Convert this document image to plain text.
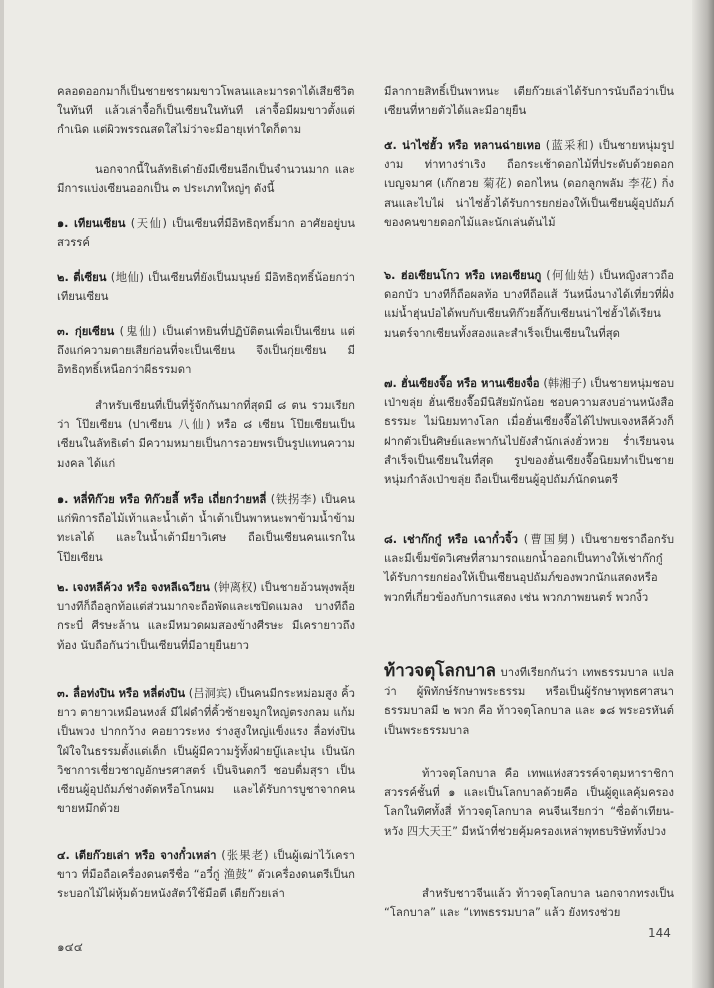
คลอดออกมาก็เป็นชายชราผมขาวโพลนและมารดาได้เสียชีวิตในทันที แล้วเล่าจื้อก็เป็นเซียนในทันที เล่าจื้อมีผมขาวตั้งแต่กำเนิด แต่ผิวพรรณสดใสไม่ว่าจะมีอายุเท่าใดก็ตาม

นอกจากนี้ในลัทธิเต๋ายังมีเซียนอีกเป็นจำนวนมาก และมีการแบ่งเซียนออกเป็น ๓ ประเภทใหญ่ๆ ดังนี้

๑. เทียนเซียน (天仙) เป็นเซียนที่มีอิทธิฤทธิ์มาก อาศัยอยู่บนสวรรค์

๒. ตี่เซียน (地仙) เป็นเซียนที่ยังเป็นมนุษย์ มีอิทธิฤทธิ์น้อยกว่าเทียนเซียน

๓. กุ่ยเซียน (鬼仙) เป็นเต๋าหยินที่ปฏิบัติตนเพื่อเป็นเซียน แต่ถึงแก่ความตายเสียก่อนที่จะเป็นเซียน จึงเป็นกุ่ยเซียน มีอิทธิฤทธิ์เหนือกว่าผีธรรมดา

สำหรับเซียนที่เป็นที่รู้จักกันมากที่สุดมี ๘ ตน รวมเรียกว่า โป๊ยเซียน (ปาเซียน 八仙) หรือ ๘ เซียน โป๊ยเซียนเป็นเซียนในลัทธิเต๋า มีความหมายเป็นการอวยพรเป็นรูปแทนความมงคล ได้แก่

๑. หลี่ทิก๊วย หรือ ทิก๊วยลี้ หรือ เถี่ยกว๋ายหลี่ (铁拐李) เป็นคนแก่พิการถือไม้เท้าและน้ำเต้า น้ำเต้าเป็นพาหนะพาข้ามน้ำข้ามทะเลได้ และในน้ำเต้ามียาวิเศษ ถือเป็นเซียนคนแรกในโป๊ยเซียน

๒. เจงหลีค้วง หรือ จงหลีเฉวียน (钟离权) เป็นชายอ้วนพุงพลุ้ย บางทีก็ถือลูกท้อแต่ส่วนมากจะถือพัดและเซปิดแมลง บางทีถือกระบี่ ศีรษะล้าน และมีหมวดผมสองข้างศีรษะ มีเครายาวถึงท้อง นับถือกันว่าเป็นเซียนที่มีอายุยืนยาว

๓. ลื่อท่งปิน หรือ หลี่ต่งปิน (吕洞宾) เป็นคนมีกระหม่อมสูง คิ้วยาว ตายาวเหมือนหงส์ มีไฝดำที่คิ้วซ้ายจมูกใหญ่ตรงกลม แก้มเป็นพวง ปากกว้าง คอยาวระหง ร่างสูงใหญ่แข็งแรง ลื่อท่งปินใฝ่ใจในธรรมตั้งแต่เด็ก เป็นผู้มีความรู้ทั้งฝ่ายบู๊และบุ๋น เป็นนักวิชาการเชี่ยวชาญอักษรศาสตร์ เป็นจินตกวี ชอบดื่มสุรา เป็นเซียนผู้อุปถัมภ์ช่างตัดหรือโกนผม และได้รับการบูชาจากคนขายหมึกด้วย

๔. เตียก๊วยเล่า หรือ จางกั๋วเหล่า (张果老) เป็นผู้เฒ่าไว้เคราขาว ที่มือถือเครื่องดนตรีชื่อ “อวี๋กู่ 渔鼓” ตัวเครื่องดนตรีเป็นกระบอกไม้ไผ่หุ้มด้วยหนังสัตว์ใช้มือตี เตียก๊วยเล่า

มีลากายสิทธิ์เป็นพาหนะ เตียก๊วยเล่าได้รับการนับถือว่าเป็นเซียนที่หายตัวได้และมีอายุยืน

๕. น่าไซ่ฮั้ว หรือ หลานฉ่ายเหอ (蓝采和) เป็นชายหนุ่มรูปงาม ท่าทางร่าเริง ถือกระเช้าดอกไม้ที่ประดับด้วยดอกเบญจมาศ (เก๊กฮวย 菊花) ดอกไหน (ดอกลูกพลัม 李花) กิ่งสนและไบไผ่ น่าไซ่ฮั้วได้รับการยกย่องให้เป็นเซียนผู้อุปถัมภ์ของคนขายดอกไม้และนักเล่นต้นไม้

๖. ฮ่อเซียนโกว หรือ เหอเซียนกู (何仙姑) เป็นหญิงสาวถือดอกบัว บางทีก็ถือผลท้อ บางทีถือแส้ วันหนึ่งนางได้เที่ยวที่ฝั่งแม่น้ำฮุ่นบ๋อได้พบกับเซียนทิก๊วยลี้กับเซียนน่าไซ่ฮั้วได้เรียนมนตร์จากเซียนทั้งสองและสำเร็จเป็นเซียนในที่สุด

๗. ฮั่นเซียงจื๊อ หรือ หานเซียงจื่อ (韩湘子) เป็นชายหนุ่มชอบเป่าขลุ่ย ฮั่นเซียงจื๊อมีนิสัยมักน้อย ชอบความสงบอ่านหนังสือธรรมะ ไม่นิยมทางโลก เมื่อฮั่นเซียงจื๊อได้ไปพบเจงหลีค้วงก็ฝากตัวเป็นศิษย์และพากันไปยังสำนักเล่งฮั่วหวย ร่ำเรียนจนสำเร็จเป็นเซียนในที่สุด รูปของฮั่นเซียงจื๊อนิยมทำเป็นชายหนุ่มกำลังเป่าขลุ่ย ถือเป็นเซียนผู้อุปถัมภ์นักดนตรี

๘. เช่าก๊กกู๋ หรือ เฉากั๋วจิ้ว (曹国舅) เป็นชายชราถือกรับและมีเข็มขัดวิเศษที่สามารถแยกน้ำออกเป็นทางให้เช่าก๊กกู๋ได้รับการยกย่องให้เป็นเซียนอุปถัมภ์ของพวกนักแสดงหรือพวกที่เกี่ยวข้องกับการแสดง เช่น พวกภาพยนตร์ พวกงิ้ว

ท้าวจตุโลกบาล บางทีเรียกกันว่า เทพธรรมบาล แปลว่า ผู้พิทักษ์รักษาพระธรรม หรือเป็นผู้รักษาพุทธศาสนา ธรรมบาลมี ๒ พวก คือ ท้าวจตุโลกบาล และ ๑๘ พระอรหันต์เป็นพระธรรมบาล

ท้าวจตุโลกบาล คือ เทพแห่งสวรรค์จาตุมหาราชิกา สวรรค์ชั้นที่ ๑ และเป็นโลกบาลด้วยคือ เป็นผู้ดูแลคุ้มครองโลกในทิศทั้งสี่ ท้าวจตุโลกบาล คนจีนเรียกว่า “ซื่อต้าเทียน-หวัง 四大天王” มีหน้าที่ช่วยคุ้มครองเหล่าพุทธบริษัททั้งปวง

สำหรับชาวจีนแล้ว ท้าวจตุโลกบาล นอกจากทรงเป็น “โลกบาล” และ “เทพธรรมบาล” แล้ว ยังทรงช่วย

๑๔๔
144
